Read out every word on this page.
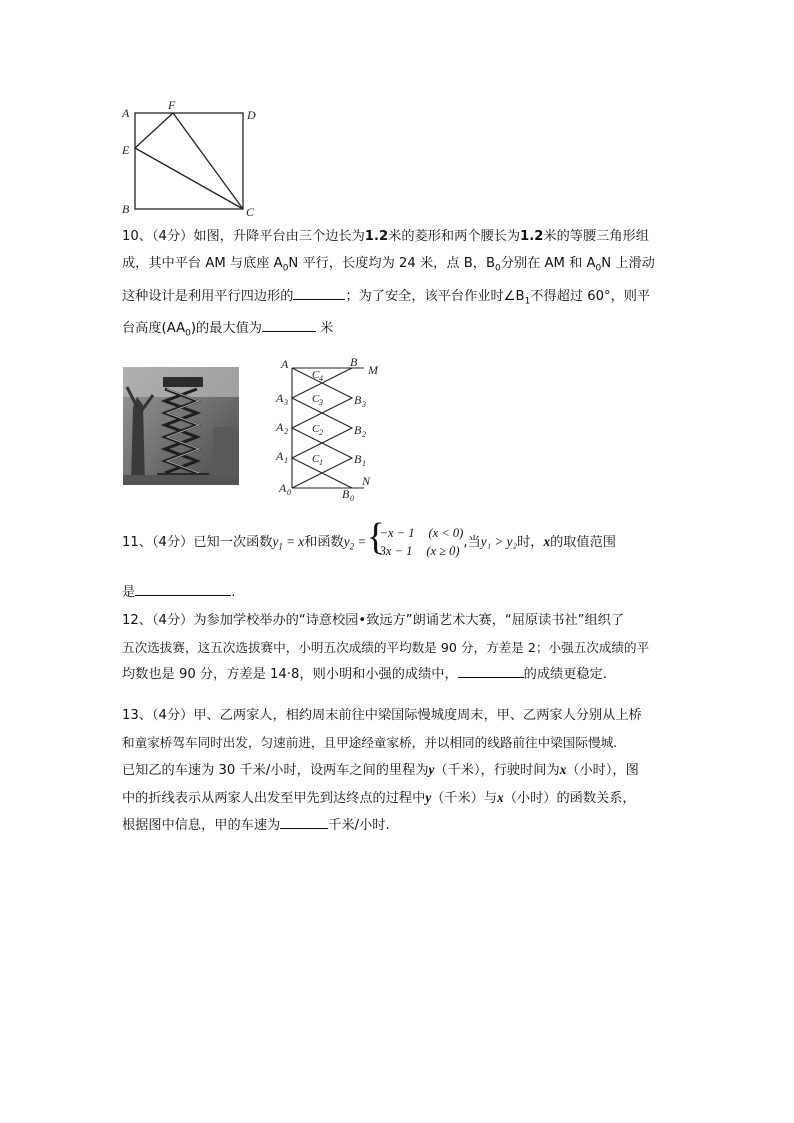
A
F
D
E
B	C
10、（4分）如图，升降平台由三个边长为1.2米的菱形和两个腰长为1.2米的等腰三角形组
成，其中平台 AM 与底座 $A_0N$ 平行，长度均为 24 米，点 B，$B_0$分别在 AM 和 $A_0N$ 上滑动
这种设计是利用平行四边形的	；为了安全，该平台作业时$\angle B_1$不得超过 60°，则平
台高度$(AA_0)$的最大值为	米
A	B
M
A 3	B 3
A 2	B 2
A 1	B 1
A 0	B 0
N
C 4
C 3
C 2
C 1
11、（4分）已知一次函数$y_1 = x$和函数$y_2$ =
{ −x − 1 (x < 0)
3x − 1 (x ≥ 0)
,当y₁ > y₂时，x的取值范围
是	.
12、（4分）为参加学校举办的“诗意校园•致远方”朗诵艺术大赛，“屈原读书社”组织了
五次选拔赛，这五次选拔赛中，小明五次成绩的平均数是 90 分，方差是 2；小强五次成绩的平
均数也是 90 分，方差是 14·8，则小明和小强的成绩中，	的成绩更稳定.
13、（4分）甲、乙两家人，相约周末前往中梁国际慢城度周末，甲、乙两家人分别从上桥
和童家桥驾车同时出发，匀速前进，且甲途经童家桥，并以相同的线路前往中梁国际慢城.
已知乙的车速为 30 千米/小时，设两车之间的里程为y（千米），行驶时间为x（小时），图
中的折线表示从两家人出发至甲先到达终点的过程中y（千米）与x（小时）的函数关系，
根据图中信息，甲的车速为	千米/小时.
